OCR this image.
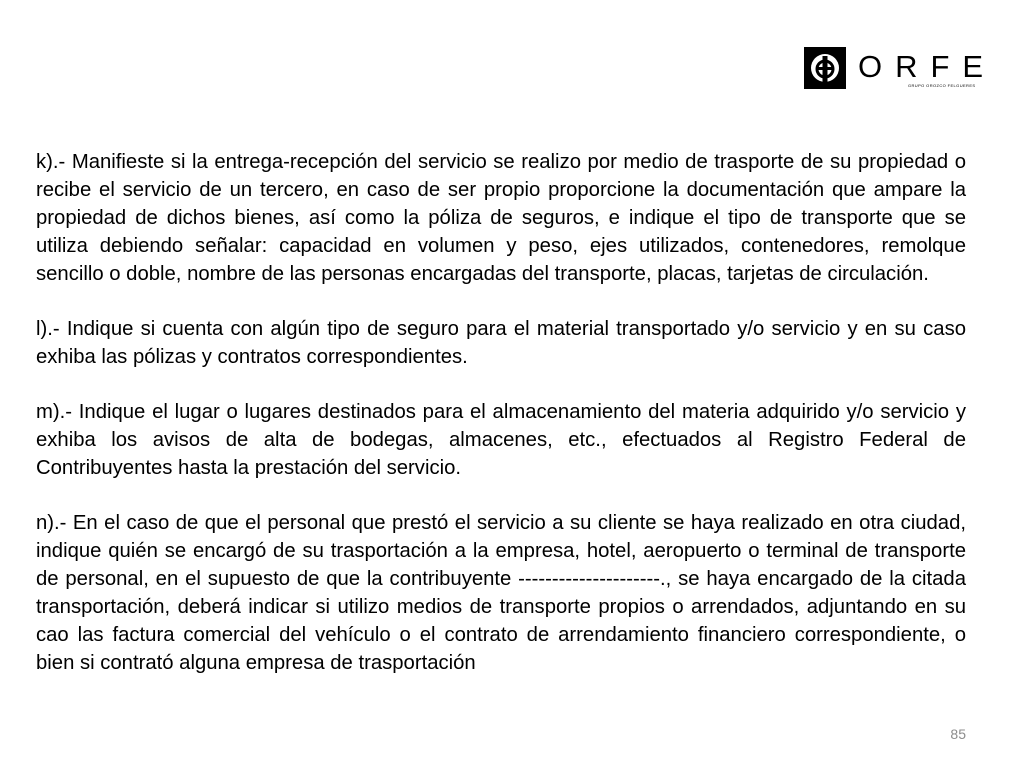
ORFE
GRUPO OROZCO FELGUERES

k).- Manifieste si la entrega-recepción del servicio se realizo por medio de trasporte de su propiedad o recibe el servicio de un tercero, en caso de ser propio proporcione la documentación que ampare la propiedad de dichos bienes, así como la póliza de seguros, e indique el tipo de transporte que se utiliza debiendo señalar: capacidad en volumen y peso, ejes utilizados, contenedores, remolque sencillo o doble, nombre de las personas encargadas del transporte, placas, tarjetas de circulación.

l).- Indique si cuenta con algún tipo de seguro para el material transportado y/o servicio y en su caso exhiba las pólizas y contratos correspondientes.

m).- Indique el lugar o lugares destinados para el almacenamiento del materia adquirido y/o servicio y exhiba los avisos de alta de bodegas, almacenes, etc., efectuados al Registro Federal de Contribuyentes hasta la prestación del servicio.

n).- En el caso de que el personal que prestó el servicio a su cliente se haya realizado en otra ciudad, indique quién se encargó de su trasportación a la empresa, hotel, aeropuerto o terminal de transporte de personal, en el supuesto de que la contribuyente ---------------------., se haya encargado de la citada transportación, deberá indicar si utilizo medios de transporte propios o arrendados, adjuntando en su cao las factura comercial del vehículo o el contrato de arrendamiento financiero correspondiente, o bien si contrató alguna empresa de trasportación

85
